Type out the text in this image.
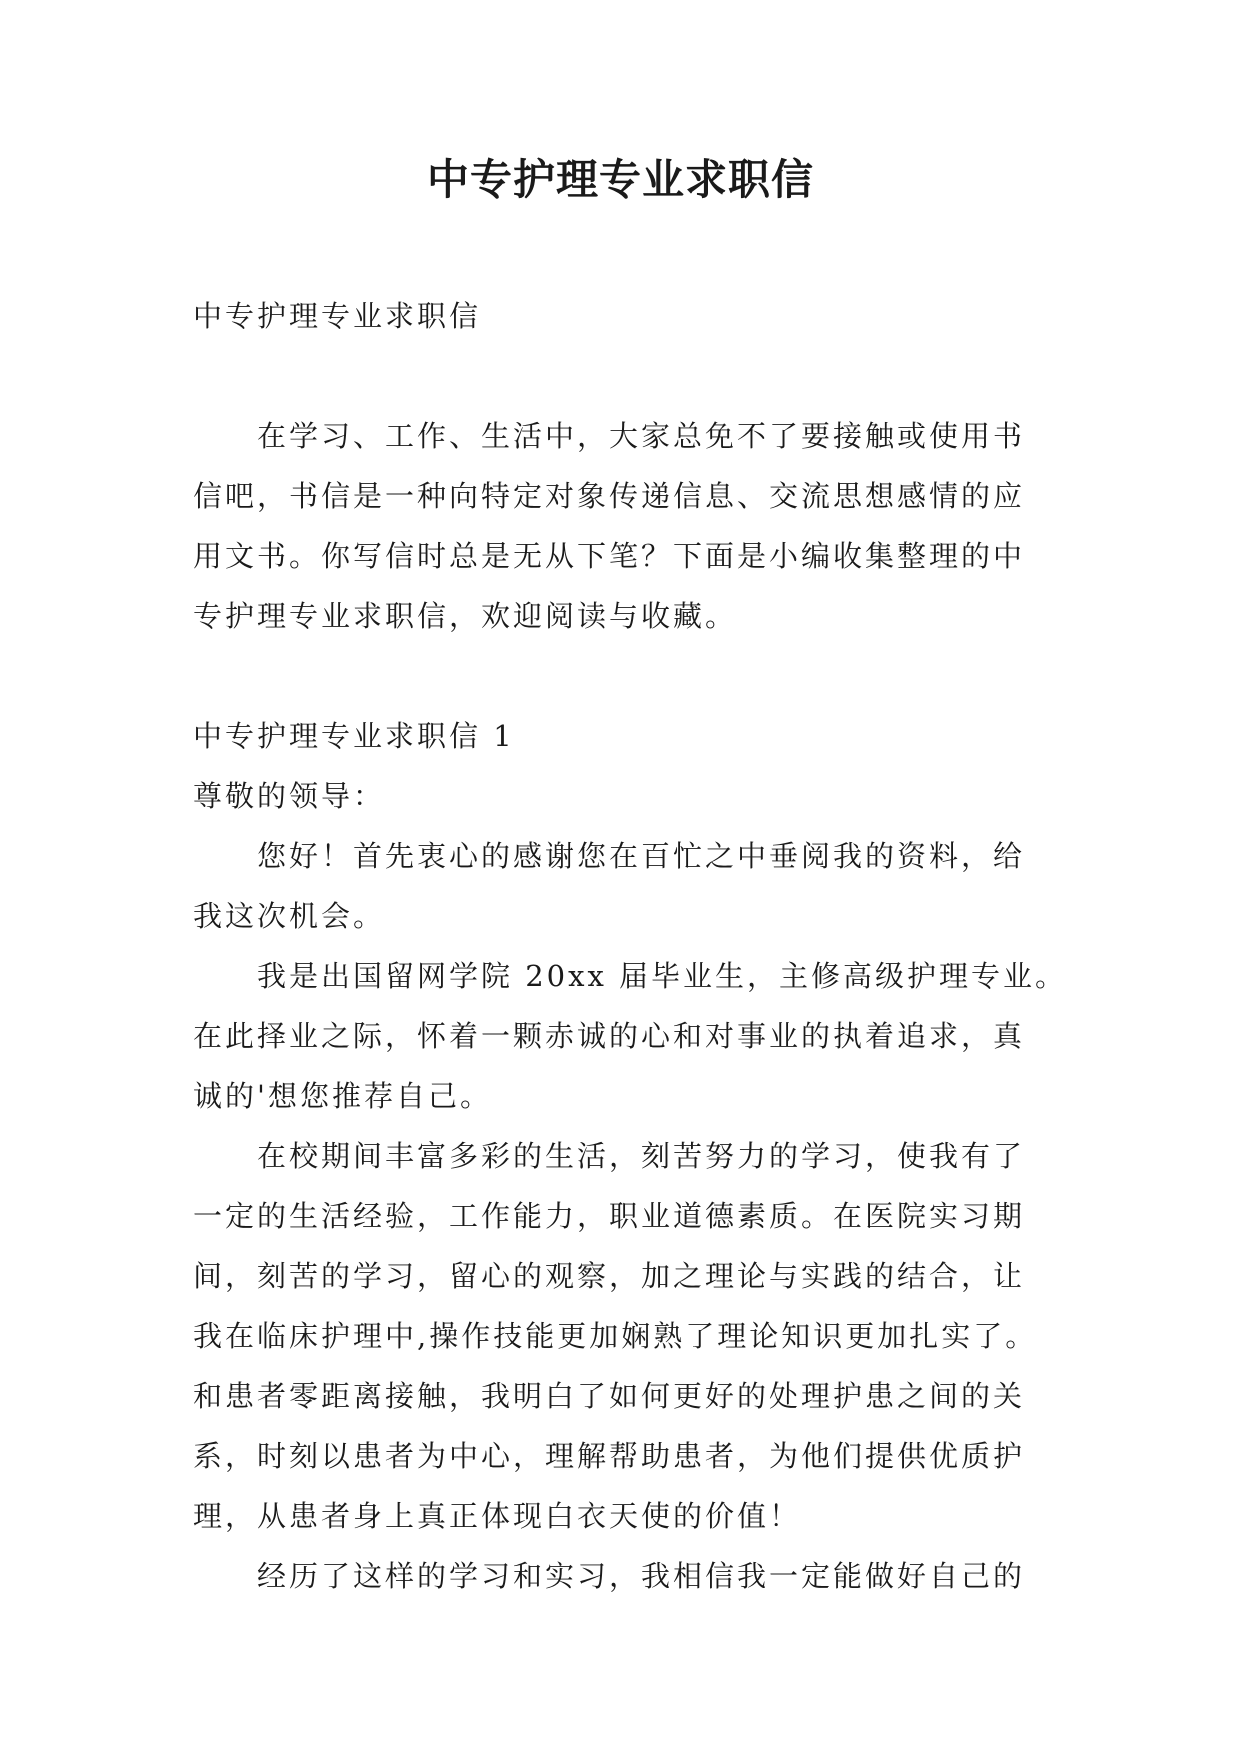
中专护理专业求职信

中专护理专业求职信

在学习、工作、生活中，大家总免不了要接触或使用书

信吧，书信是一种向特定对象传递信息、交流思想感情的应

用文书。你写信时总是无从下笔？下面是小编收集整理的中

专护理专业求职信，欢迎阅读与收藏。

中专护理专业求职信 1

尊敬的领导：

您好！首先衷心的感谢您在百忙之中垂阅我的资料，给

我这次机会。

我是出国留网学院 20xx 届毕业生，主修高级护理专业。

在此择业之际，怀着一颗赤诚的心和对事业的执着追求，真

诚的'想您推荐自己。

在校期间丰富多彩的生活，刻苦努力的学习，使我有了

一定的生活经验，工作能力，职业道德素质。在医院实习期

间，刻苦的学习，留心的观察，加之理论与实践的结合，让

我在临床护理中,操作技能更加娴熟了理论知识更加扎实了。

和患者零距离接触，我明白了如何更好的处理护患之间的关

系，时刻以患者为中心，理解帮助患者，为他们提供优质护

理，从患者身上真正体现白衣天使的价值！

经历了这样的学习和实习，我相信我一定能做好自己的
